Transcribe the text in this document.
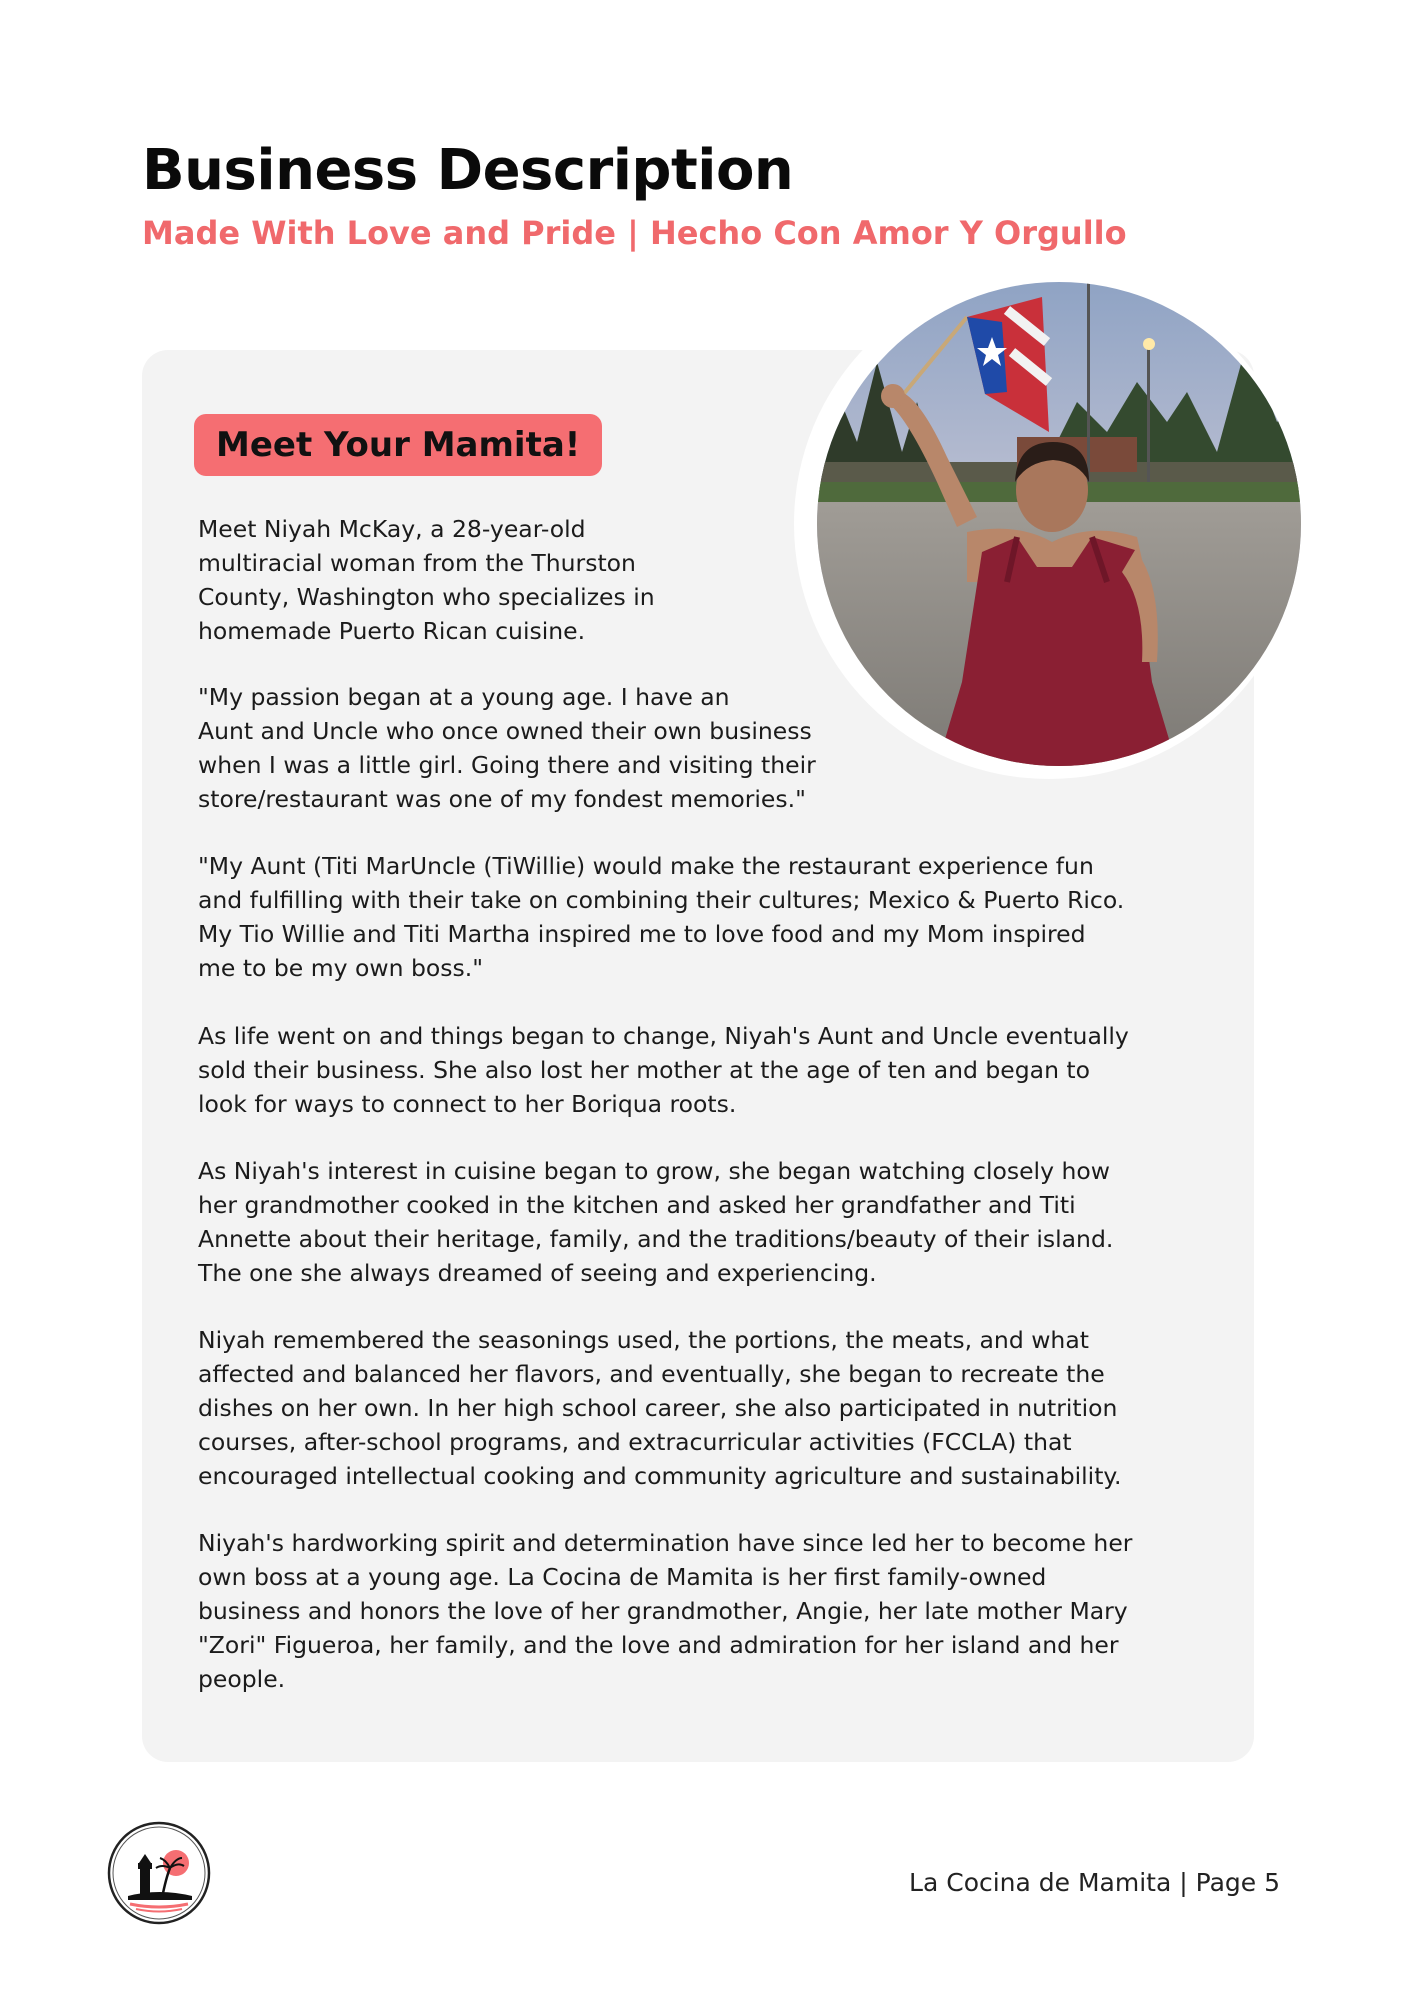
Business Description
Made With Love and Pride | Hecho Con Amor Y Orgullo
Meet Your Mamita!

Meet Niyah McKay, a 28-year-old
multiracial woman from the Thurston
County, Washington who specializes in
homemade Puerto Rican cuisine.

"My passion began at a young age. I have an
Aunt and Uncle who once owned their own business
when I was a little girl. Going there and visiting their
store/restaurant was one of my fondest memories."

"My Aunt (Titi MarUncle (TiWillie) would make the restaurant experience fun
and fulfilling with their take on combining their cultures; Mexico & Puerto Rico.
My Tio Willie and Titi Martha inspired me to love food and my Mom inspired
me to be my own boss."

As life went on and things began to change, Niyah's Aunt and Uncle eventually
sold their business. She also lost her mother at the age of ten and began to
look for ways to connect to her Boriqua roots.

As Niyah's interest in cuisine began to grow, she began watching closely how
her grandmother cooked in the kitchen and asked her grandfather and Titi
Annette about their heritage, family, and the traditions/beauty of their island.
The one she always dreamed of seeing and experiencing.

Niyah remembered the seasonings used, the portions, the meats, and what
affected and balanced her flavors, and eventually, she began to recreate the
dishes on her own. In her high school career, she also participated in nutrition
courses, after-school programs, and extracurricular activities (FCCLA) that
encouraged intellectual cooking and community agriculture and sustainability.

Niyah's hardworking spirit and determination have since led her to become her
own boss at a young age. La Cocina de Mamita is her first family-owned
business and honors the love of her grandmother, Angie, her late mother Mary
"Zori" Figueroa, her family, and the love and admiration for her island and her
people.

La Cocina de Mamita | Page 5
